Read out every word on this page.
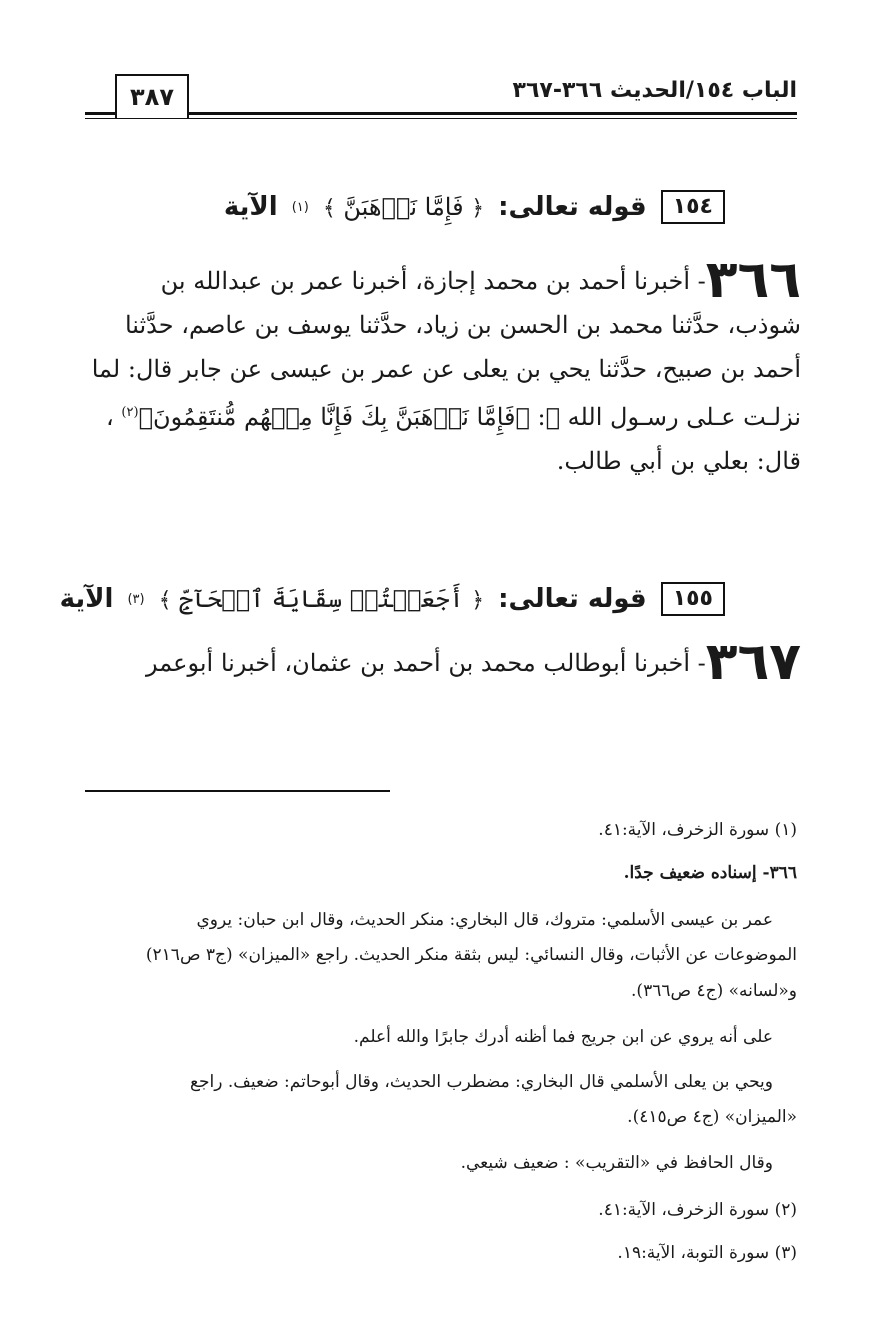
الباب ١٥٤/الحديث ٣٦٦-٣٦٧
٣٨٧
١٥٤
قوله تعالى:
﴿ فَإِمَّا نَذۡهَبَنَّ ﴾
(١)
الآية
٣٦٦- أخبرنا أحمد بن محمد إجازة، أخبرنا عمر بن عبدالله بن
شوذب، حدَّثنا محمد بن الحسن بن زياد، حدَّثنا يوسف بن عاصم، حدَّثنا
أحمد بن صبيح، حدَّثنا يحي بن يعلى عن عمر بن عيسى عن جابر قال: لما
نزلـت عـلى رسـول الله ﷺ: ﴿فَإِمَّا نَذۡهَبَنَّ بِكَ فَإِنَّا مِنۡهُم مُّنتَقِمُونَ﴾$^{(٢)}$ ،
قال: بعلي بن أبي طالب.
١٥٥
قوله تعالى:
﴿ أَجَعَلۡتُمۡ سِقَايَةَ ٱلۡحَآجِّ ﴾
(٣)
الآية
٣٦٧- أخبرنا أبوطالب محمد بن أحمد بن عثمان، أخبرنا أبوعمر
(١) سورة الزخرف، الآية:٤١.
٣٦٦- إسناده ضعيف جدًا.
عمر بن عيسى الأسلمي: متروك، قال البخاري: منكر الحديث، وقال ابن حبان: يروي
الموضوعات عن الأثبات، وقال النسائي: ليس بثقة منكر الحديث. راجع «الميزان» (ج٣ ص٢١٦)
و«لسانه» (ج٤ ص٣٦٦).
على أنه يروي عن ابن جريج فما أظنه أدرك جابرًا والله أعلم.
ويحي بن يعلى الأسلمي قال البخاري: مضطرب الحديث، وقال أبوحاتم: ضعيف. راجع
«الميزان» (ج٤ ص٤١٥).
وقال الحافظ في «التقريب» : ضعيف شيعي.
(٢) سورة الزخرف، الآية:٤١.
(٣) سورة التوبة، الآية:١٩.
